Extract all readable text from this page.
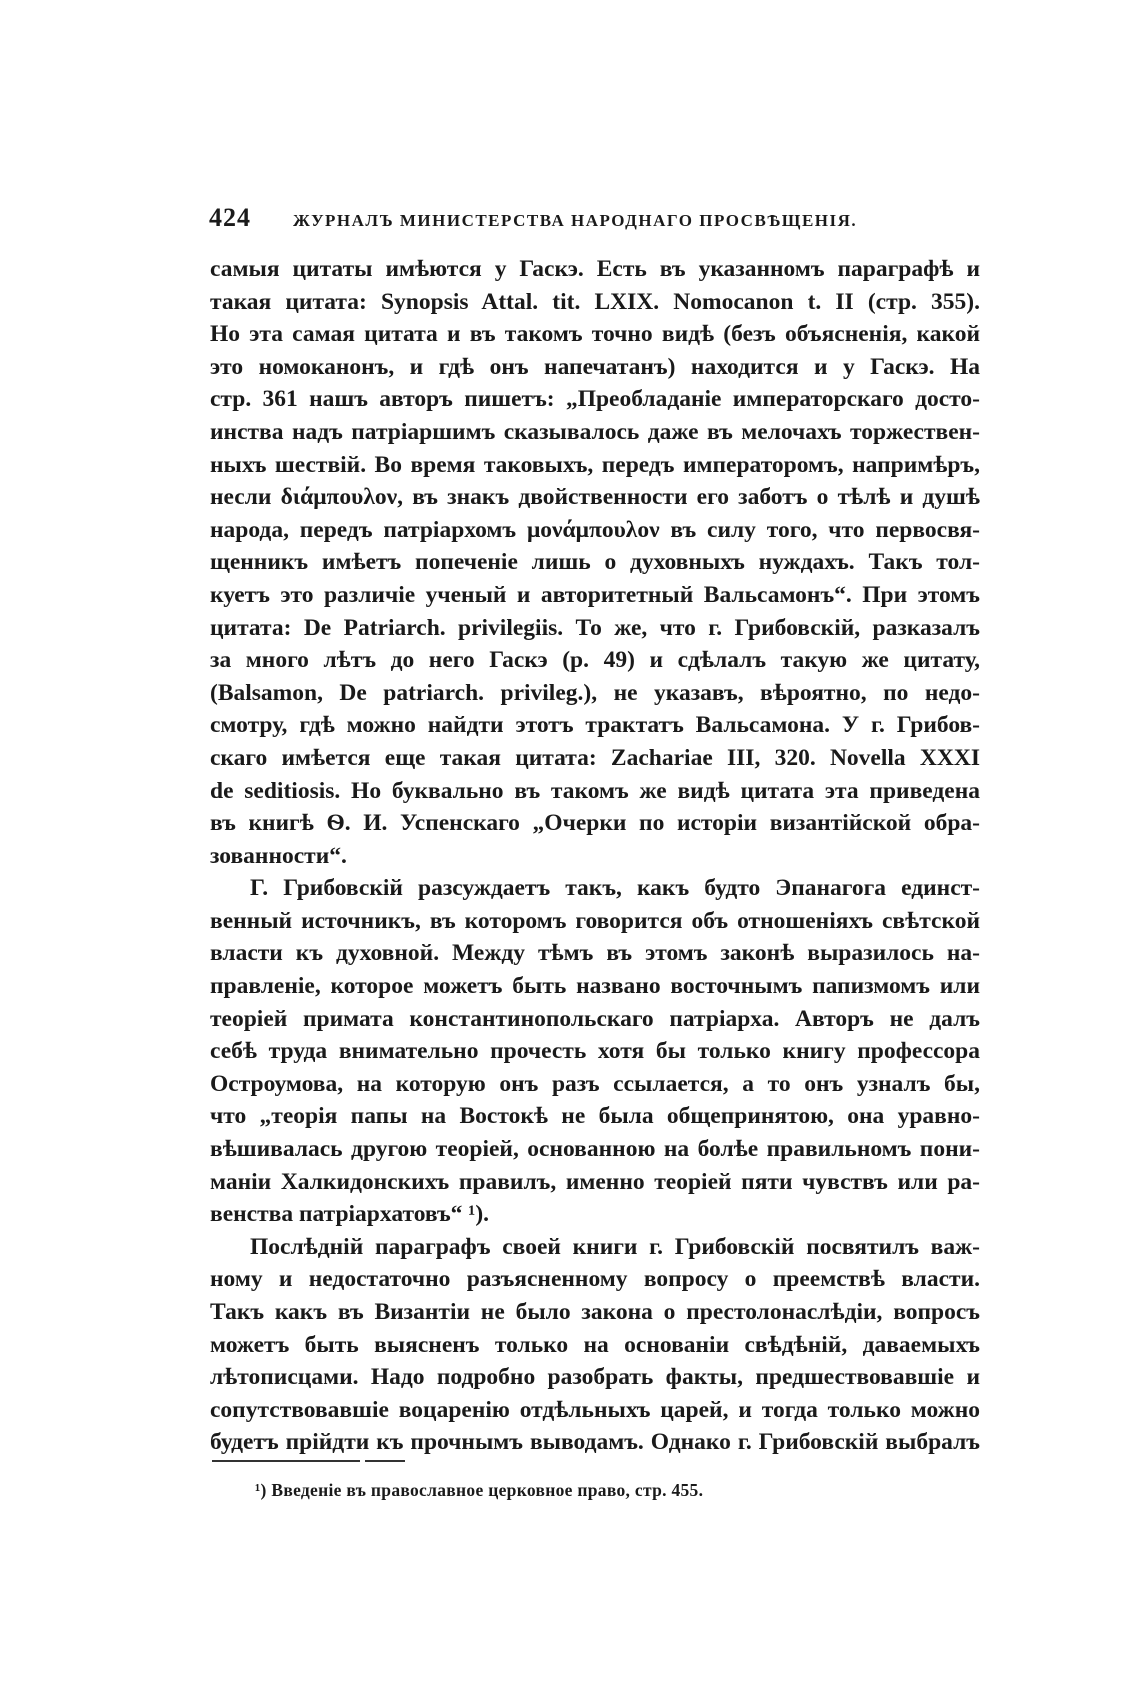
424 ЖУРНАЛЪ МИНИСТЕРСТВА НАРОДНАГО ПРОСВѢЩЕНІЯ.

самыя цитаты имѣются у Гаскэ. Есть въ указанномъ параграфѣ и
такая цитата: Synopsis Attal. tit. LXIX. Nomocanon t. II (стр. 355).
Но эта самая цитата и въ такомъ точно видѣ (безъ объясненія, какой
это номоканонъ, и гдѣ онъ напечатанъ) находится и у Гаскэ. На
стр. 361 нашъ авторъ пишетъ: „Преобладаніе императорскаго досто-
инства надъ патріаршимъ сказывалось даже въ мелочахъ торжествен-
ныхъ шествій. Во время таковыхъ, передъ императоромъ, напримѣръ,
несли διάμπουλον, въ знакъ двойственности его заботъ о тѣлѣ и душѣ
народа, передъ патріархомъ μονάμπουλον въ силу того, что первосвя-
щенникъ имѣетъ попеченіе лишь о духовныхъ нуждахъ. Такъ тол-
куетъ это различіе ученый и авторитетный Вальсамонъ“. При этомъ
цитата: De Patriarch. privilegiis. То же, что г. Грибовскій, разказалъ
за много лѣтъ до него Гаскэ (p. 49) и сдѣлалъ такую же цитату,
(Balsamon, De patriarch. privileg.), не указавъ, вѣроятно, по недо-
смотру, гдѣ можно найдти этотъ трактатъ Вальсамона. У г. Грибов-
скаго имѣется еще такая цитата: Zachariae III, 320. Novella XXXI
de seditiosis. Но буквально въ такомъ же видѣ цитата эта приведена
въ книгѣ Ѳ. И. Успенскаго „Очерки по исторіи византійской обра-
зованности“.

Г. Грибовскій разсуждаетъ такъ, какъ будто Эпанагога единст-
венный источникъ, въ которомъ говорится объ отношеніяхъ свѣтской
власти къ духовной. Между тѣмъ въ этомъ законѣ выразилось на-
правленіе, которое можетъ быть названо восточнымъ папизмомъ или
теоріей примата константинопольскаго патріарха. Авторъ не далъ
себѣ труда внимательно прочесть хотя бы только книгу профессора
Остроумова, на которую онъ разъ ссылается, а то онъ узналъ бы,
что „теорія папы на Востокѣ не была общепринятою, она уравно-
вѣшивалась другою теоріей, основанною на болѣе правильномъ пони-
маніи Халкидонскихъ правилъ, именно теоріей пяти чувствъ или ра-
венства патріархатовъ“ ¹).

Послѣдній параграфъ своей книги г. Грибовскій посвятилъ важ-
ному и недостаточно разъясненному вопросу о преемствѣ власти.
Такъ какъ въ Византіи не было закона о престолонаслѣдіи, вопросъ
можетъ быть выясненъ только на основаніи свѣдѣній, даваемыхъ
лѣтописцами. Надо подробно разобрать факты, предшествовавшіе и
сопутствовавшіе воцаренію отдѣльныхъ царей, и тогда только можно
будетъ прійдти къ прочнымъ выводамъ. Однако г. Грибовскій выбралъ

¹) Введеніе въ православное церковное право, стр. 455.
